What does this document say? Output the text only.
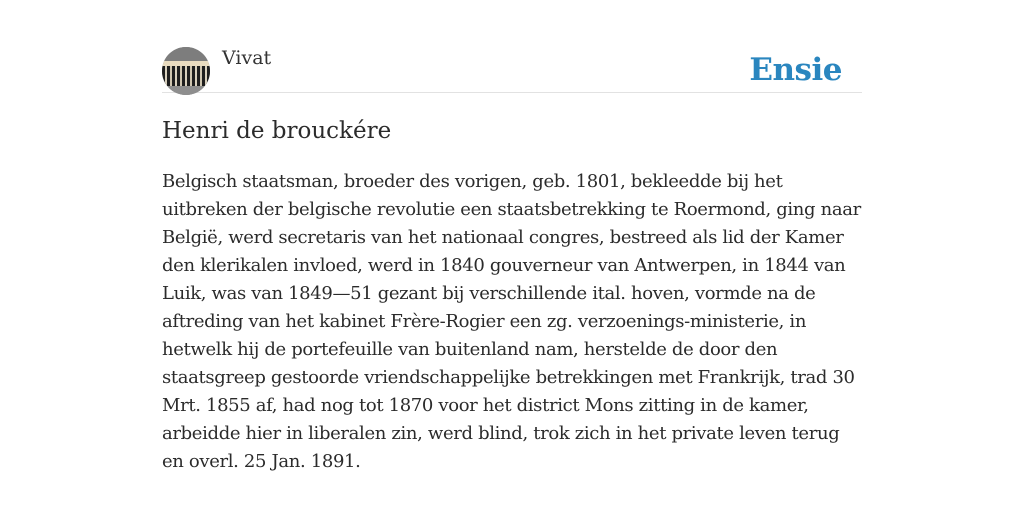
Vivat	Ensie
Henri de brouckére

Belgisch staatsman, broeder des vorigen, geb. 1801, bekleedde bij het uitbreken der belgische revolutie een staatsbetrekking te Roermond, ging naar België, werd secretaris van het nationaal congres, bestreed als lid der Kamer den klerikalen invloed, werd in 1840 gouverneur van Antwerpen, in 1844 van Luik, was van 1849—51 gezant bij verschillende ital. hoven, vormde na de aftreding van het kabinet Frère-Rogier een zg. verzoenings-ministerie, in hetwelk hij de portefeuille van buitenland nam, herstelde de door den staatsgreep gestoorde vriendschappelijke betrekkingen met Frankrijk, trad 30 Mrt. 1855 af, had nog tot 1870 voor het district Mons zitting in de kamer, arbeidde hier in liberalen zin, werd blind, trok zich in het private leven terug en overl. 25 Jan. 1891.
